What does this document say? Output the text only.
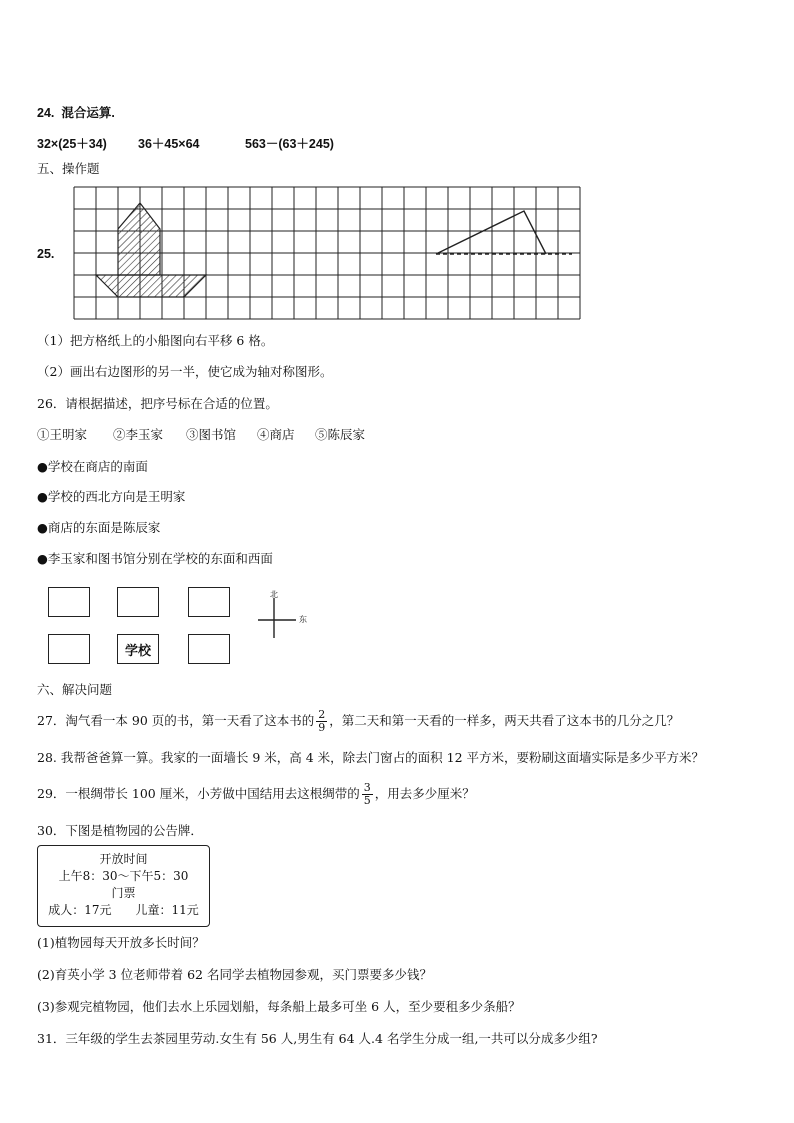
24. 混合运算.
32×(25＋34) 36＋45×64	563－(63＋245)
五、操作题
25.
（1）把方格纸上的小船图向右平移 6 格。
（2）画出右边图形的另一半，使它成为轴对称图形。
26．请根据描述，把序号标在合适的位置。
①王明家 ②李玉家 ③图书馆 ④商店 ⑤陈辰家
●学校在商店的南面
●学校的西北方向是王明家
●商店的东面是陈辰家
●李玉家和图书馆分别在学校的东面和西面
学校
北
东
六、解决问题
27．淘气看一本 90 页的书，第一天看了这本书的 $\frac{2}{9}$ ，第二天和第一天看的一样多，两天共看了这本书的几分之几？
28. 我帮爸爸算一算。我家的一面墙长 9 米，高 4 米，除去门窗占的面积 12 平方米，要粉刷这面墙实际是多少平方米？
29．一根绸带长 100 厘米，小芳做中国结用去这根绸带的 $\frac{3}{5}$ ，用去多少厘米？
30．下图是植物园的公告牌．
开放时间
上午8：30～下午5：30
门票
成人：17元　　儿童：11元
(1)植物园每天开放多长时间？
(2)育英小学 3 位老师带着 62 名同学去植物园参观，买门票要多少钱？
(3)参观完植物园，他们去水上乐园划船，每条船上最多可坐 6 人，至少要租多少条船？
31．三年级的学生去茶园里劳动.女生有 56 人,男生有 64 人.4 名学生分成一组,一共可以分成多少组?
